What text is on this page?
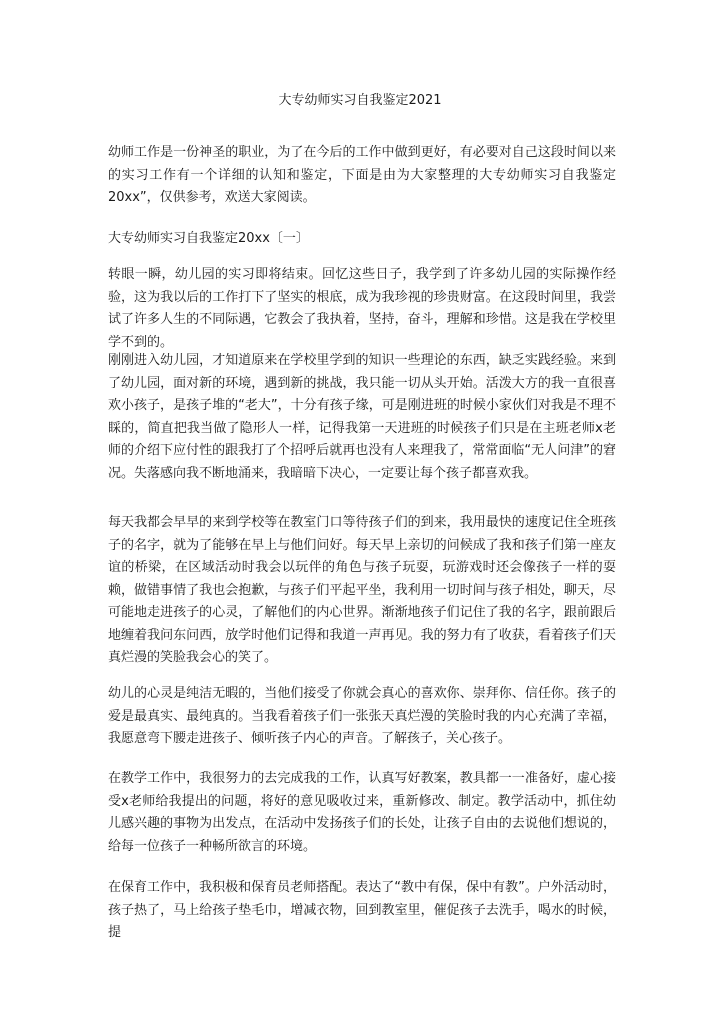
大专幼师实习自我鉴定2021

幼师工作是一份神圣的职业，为了在今后的工作中做到更好，有必要对自己这段时间以来的实习工作有一个详细的认知和鉴定，下面是由为大家整理的大专幼师实习自我鉴定20xx”，仅供参考，欢送大家阅读。

大专幼师实习自我鉴定20xx〔一〕

转眼一瞬，幼儿园的实习即将结束。回忆这些日子，我学到了许多幼儿园的实际操作经验，这为我以后的工作打下了坚实的根底，成为我珍视的珍贵财富。在这段时间里，我尝试了许多人生的不同际遇，它教会了我执着，坚持，奋斗，理解和珍惜。这是我在学校里学不到的。

刚刚进入幼儿园，才知道原来在学校里学到的知识一些理论的东西，缺乏实践经验。来到了幼儿园，面对新的环境，遇到新的挑战，我只能一切从头开始。活泼大方的我一直很喜欢小孩子，是孩子堆的“老大”，十分有孩子缘，可是刚进班的时候小家伙们对我是不理不睬的，简直把我当做了隐形人一样，记得我第一天进班的时候孩子们只是在主班老师x老师的介绍下应付性的跟我打了个招呼后就再也没有人来理我了，常常面临“无人问津”的窘况。失落感向我不断地涌来，我暗暗下决心，一定要让每个孩子都喜欢我。

每天我都会早早的来到学校等在教室门口等待孩子们的到来，我用最快的速度记住全班孩子的名字，就为了能够在早上与他们问好。每天早上亲切的问候成了我和孩子们第一座友谊的桥梁，在区域活动时我会以玩伴的角色与孩子玩耍，玩游戏时还会像孩子一样的耍赖，做错事情了我也会抱歉，与孩子们平起平坐，我利用一切时间与孩子相处，聊天，尽可能地走进孩子的心灵，了解他们的内心世界。渐渐地孩子们记住了我的名字，跟前跟后地缠着我问东问西，放学时他们记得和我道一声再见。我的努力有了收获，看着孩子们天真烂漫的笑脸我会心的笑了。

幼儿的心灵是纯洁无暇的，当他们接受了你就会真心的喜欢你、崇拜你、信任你。孩子的爱是最真实、最纯真的。当我看着孩子们一张张天真烂漫的笑脸时我的内心充满了幸福，我愿意弯下腰走进孩子、倾听孩子内心的声音。了解孩子，关心孩子。

在教学工作中，我很努力的去完成我的工作，认真写好教案，教具都一一准备好，虚心接受x老师给我提出的问题，将好的意见吸收过来，重新修改、制定。教学活动中，抓住幼儿感兴趣的事物为出发点，在活动中发扬孩子们的长处，让孩子自由的去说他们想说的，给每一位孩子一种畅所欲言的环境。

在保育工作中，我积极和保育员老师搭配。表达了“教中有保，保中有教”。户外活动时，孩子热了，马上给孩子垫毛巾，增减衣物，回到教室里，催促孩子去洗手，喝水的时候，提
